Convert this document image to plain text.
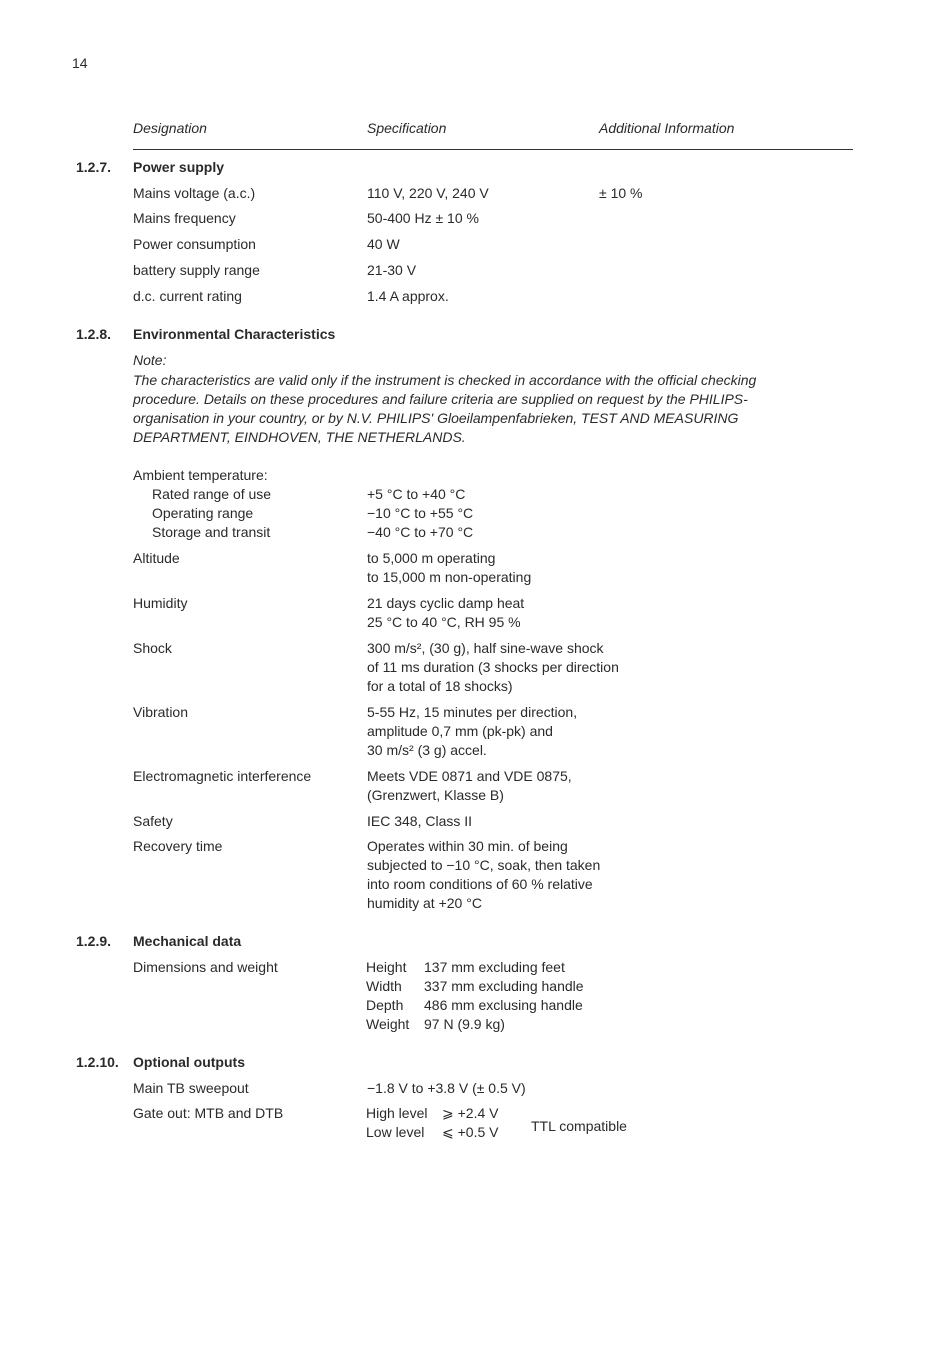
14
Designation	Specification	Additional Information
1.2.7. Power supply
Mains voltage (a.c.)	110 V, 220 V, 240 V	± 10 %
Mains frequency	50-400 Hz ± 10 %
Power consumption	40 W
battery supply range	21-30 V
d.c. current rating	1.4 A approx.
1.2.8. Environmental Characteristics
Note:
The characteristics are valid only if the instrument is checked in accordance with the official checking procedure. Details on these procedures and failure criteria are supplied on request by the PHILIPS-organisation in your country, or by N.V. PHILIPS' Gloeilampenfabrieken, TEST AND MEASURING DEPARTMENT, EINDHOVEN, THE NETHERLANDS.
Ambient temperature:
Rated range of use	+5 °C to +40 °C
Operating range	−10 °C to +55 °C
Storage and transit	−40 °C to +70 °C
Altitude	to 5,000 m operating
to 15,000 m non-operating
Humidity	21 days cyclic damp heat
25 °C to 40 °C, RH 95 %
Shock	300 m/s², (30 g), half sine-wave shock
of 11 ms duration (3 shocks per direction
for a total of 18 shocks)
Vibration	5-55 Hz, 15 minutes per direction,
amplitude 0,7 mm (pk-pk) and
30 m/s² (3 g) accel.
Electromagnetic interference	Meets VDE 0871 and VDE 0875,
(Grenzwert, Klasse B)
Safety	IEC 348, Class II
Recovery time	Operates within 30 min. of being
subjected to −10 °C, soak, then taken
into room conditions of 60 % relative
humidity at +20 °C
1.2.9. Mechanical data
Dimensions and weight	Height 137 mm excluding feet
Width 337 mm excluding handle
Depth 486 mm exclusing handle
Weight 97 N (9.9 kg)
1.2.10. Optional outputs
Main TB sweepout	−1.8 V to +3.8 V (± 0.5 V)
Gate out: MTB and DTB	High level ⩾ +2.4 V
Low level ⩽ +0.5 V TTL compatible
